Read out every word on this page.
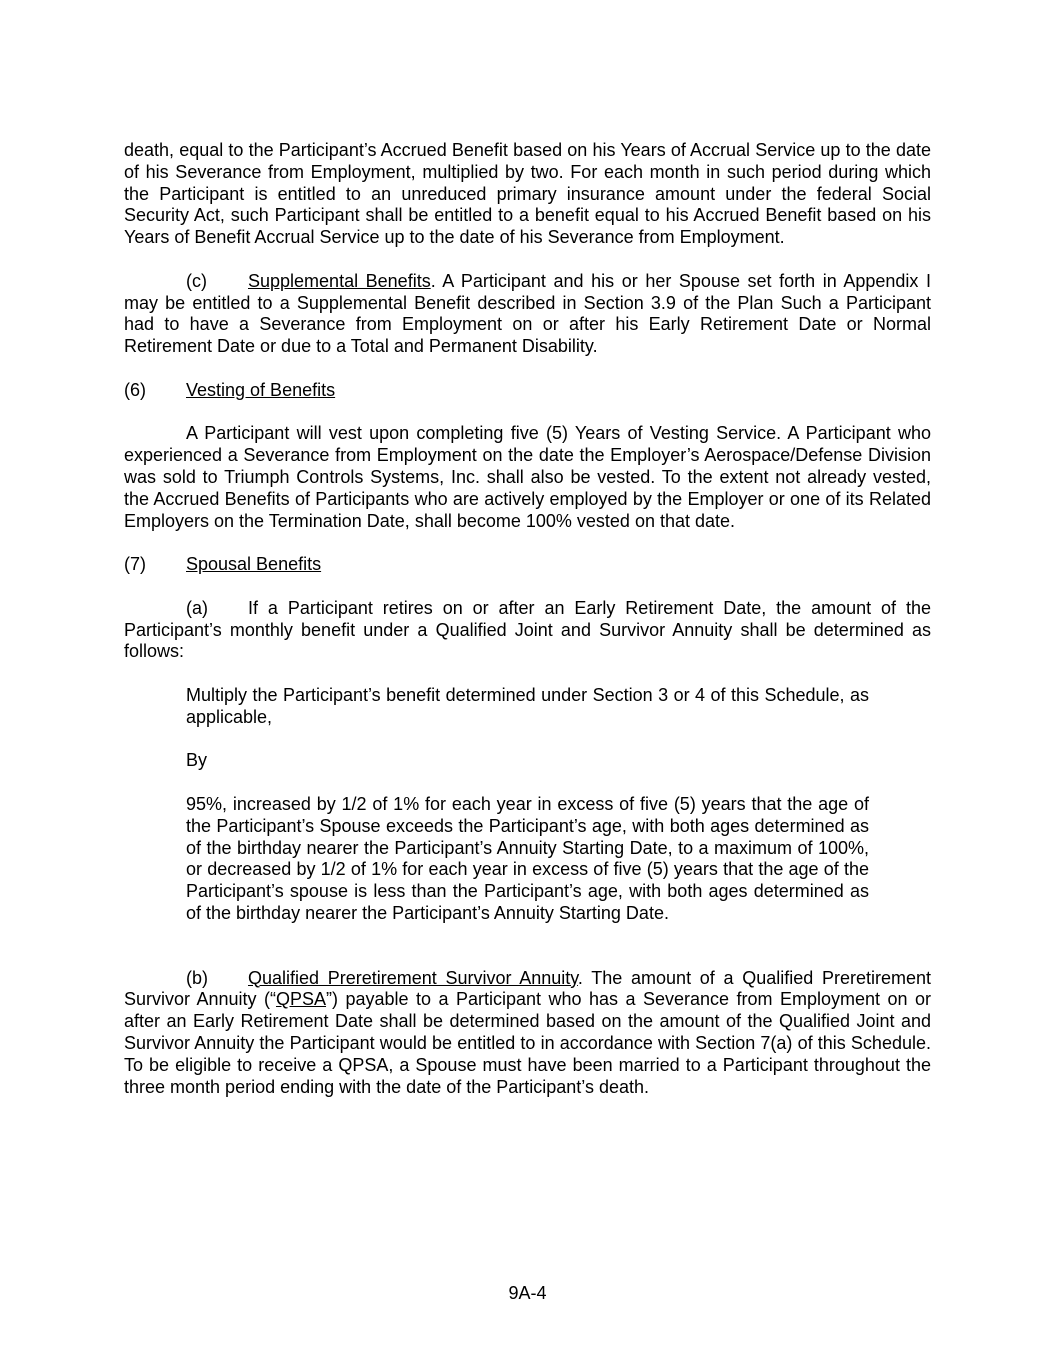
death, equal to the Participant’s Accrued Benefit based on his Years of Accrual Service up to the date of his Severance from Employment, multiplied by two. For each month in such period during which the Participant is entitled to an unreduced primary insurance amount under the federal Social Security Act, such Participant shall be entitled to a benefit equal to his Accrued Benefit based on his Years of Benefit Accrual Service up to the date of his Severance from Employment.

(c) Supplemental Benefits. A Participant and his or her Spouse set forth in Appendix I may be entitled to a Supplemental Benefit described in Section 3.9 of the Plan Such a Participant had to have a Severance from Employment on or after his Early Retirement Date or Normal Retirement Date or due to a Total and Permanent Disability.

(6) Vesting of Benefits

A Participant will vest upon completing five (5) Years of Vesting Service. A Participant who experienced a Severance from Employment on the date the Employer’s Aerospace/Defense Division was sold to Triumph Controls Systems, Inc. shall also be vested. To the extent not already vested, the Accrued Benefits of Participants who are actively employed by the Employer or one of its Related Employers on the Termination Date, shall become 100% vested on that date.

(7) Spousal Benefits

(a) If a Participant retires on or after an Early Retirement Date, the amount of the Participant’s monthly benefit under a Qualified Joint and Survivor Annuity shall be determined as follows:

Multiply the Participant’s benefit determined under Section 3 or 4 of this Schedule, as applicable,

By

95%, increased by 1/2 of 1% for each year in excess of five (5) years that the age of the Participant’s Spouse exceeds the Participant’s age, with both ages determined as of the birthday nearer the Participant’s Annuity Starting Date, to a maximum of 100%, or decreased by 1/2 of 1% for each year in excess of five (5) years that the age of the Participant’s spouse is less than the Participant’s age, with both ages determined as of the birthday nearer the Participant’s Annuity Starting Date.

(b) Qualified Preretirement Survivor Annuity. The amount of a Qualified Preretirement Survivor Annuity (“QPSA”) payable to a Participant who has a Severance from Employment on or after an Early Retirement Date shall be determined based on the amount of the Qualified Joint and Survivor Annuity the Participant would be entitled to in accordance with Section 7(a) of this Schedule. To be eligible to receive a QPSA, a Spouse must have been married to a Participant throughout the three month period ending with the date of the Participant’s death.

9A-4
